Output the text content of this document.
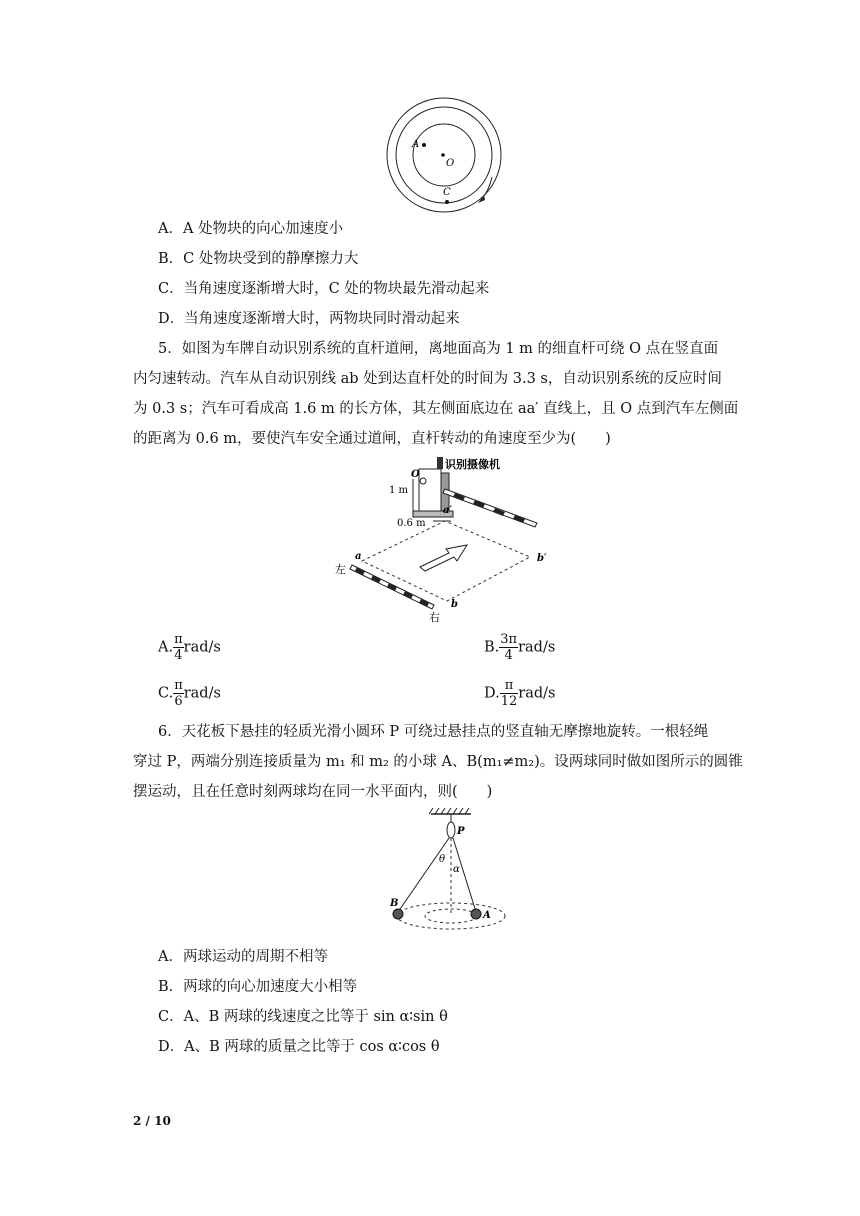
A
O
C
A．A 处物块的向心加速度小
B．C 处物块受到的静摩擦力大
C．当角速度逐渐增大时，C 处的物块最先滑动起来
D．当角速度逐渐增大时，两物块同时滑动起来
5．如图为车牌自动识别系统的直杆道闸，离地面高为 1 m 的细直杆可绕 O 点在竖直面
内匀速转动。汽车从自动识别线 ab 处到达直杆处的时间为 3.3 s，自动识别系统的反应时间
为 0.3 s；汽车可看成高 1.6 m 的长方体，其左侧面底边在 aa′ 直线上，且 O 点到汽车左侧面
的距离为 0.6 m，要使汽车安全通过道闸，直杆转动的角速度至少为(　　)
识别摄像机
O
1 m
0.6 m
a′
b′
a
b
左
右
A. $\frac{\pi}{4} rad/s$	B. $\frac{3\pi}{4} rad/s$
C. $\frac{\pi}{6} rad/s$	D. $\frac{\pi}{12} rad/s$
6．天花板下悬挂的轻质光滑小圆环 P 可绕过悬挂点的竖直轴无摩擦地旋转。一根轻绳
穿过 P，两端分别连接质量为 m₁ 和 m₂ 的小球 A、B(m₁≠m₂)。设两球同时做如图所示的圆锥
摆运动，且在任意时刻两球均在同一水平面内，则(　　)
P
θ
α
B
A
A．两球运动的周期不相等
B．两球的向心加速度大小相等
C．A、B 两球的线速度之比等于 sin α∶sin θ
D．A、B 两球的质量之比等于 cos α∶cos θ
2 / 10
